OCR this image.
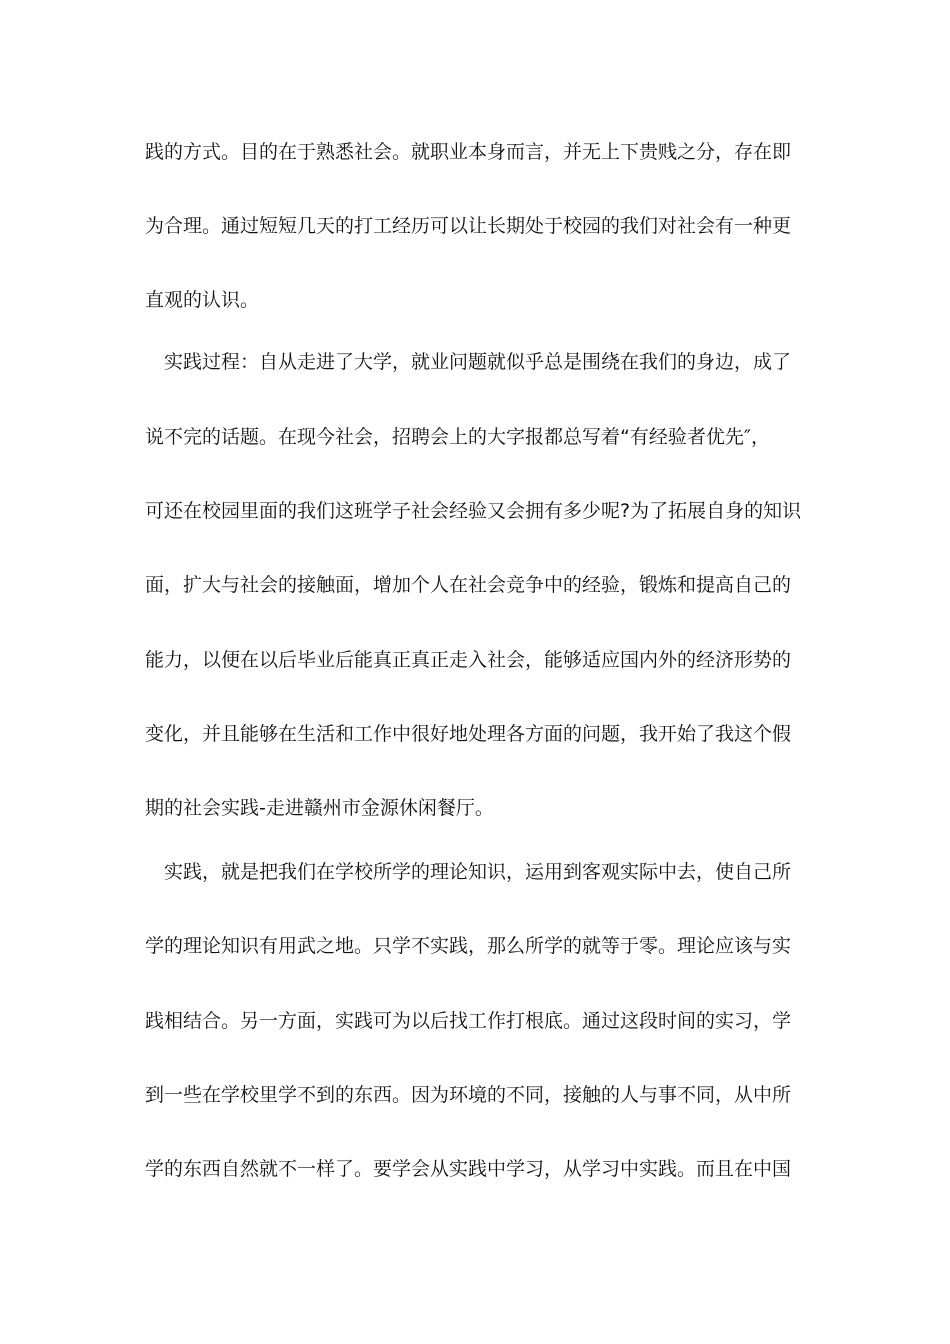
践的方式。目的在于熟悉社会。就职业本身而言，并无上下贵贱之分，存在即
为合理。通过短短几天的打工经历可以让长期处于校园的我们对社会有一种更
直观的认识。
　实践过程：自从走进了大学，就业问题就似乎总是围绕在我们的身边，成了
说不完的话题。在现今社会，招聘会上的大字报都总写着“有经验者优先″，
可还在校园里面的我们这班学子社会经验又会拥有多少呢?为了拓展自身的知识
面，扩大与社会的接触面，增加个人在社会竞争中的经验，锻炼和提高自己的
能力，以便在以后毕业后能真正真正走入社会，能够适应国内外的经济形势的
变化，并且能够在生活和工作中很好地处理各方面的问题，我开始了我这个假
期的社会实践-走进赣州市金源休闲餐厅。
　实践，就是把我们在学校所学的理论知识，运用到客观实际中去，使自己所
学的理论知识有用武之地。只学不实践，那么所学的就等于零。理论应该与实
践相结合。另一方面，实践可为以后找工作打根底。通过这段时间的实习，学
到一些在学校里学不到的东西。因为环境的不同，接触的人与事不同，从中所
学的东西自然就不一样了。要学会从实践中学习，从学习中实践。而且在中国
